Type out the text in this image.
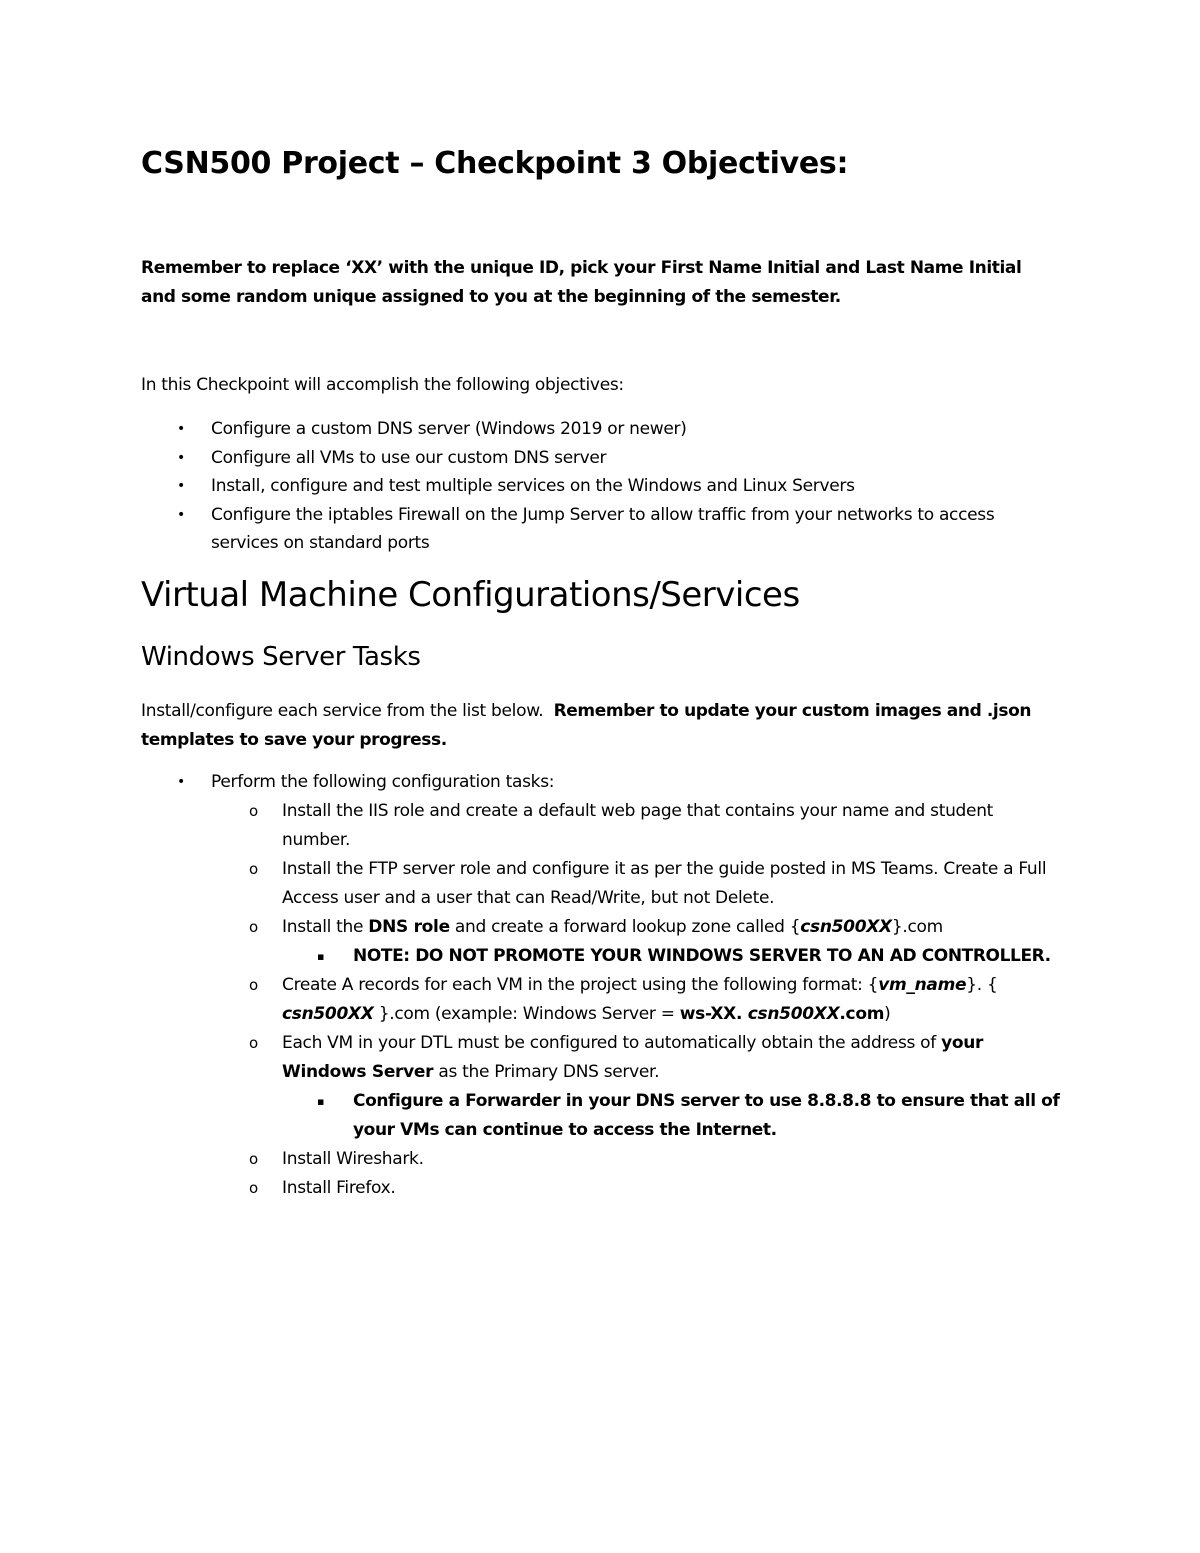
CSN500 Project – Checkpoint 3 Objectives:

Remember to replace ‘XX’ with the unique ID, pick your First Name Initial and Last Name Initial and some random unique assigned to you at the beginning of the semester.

In this Checkpoint will accomplish the following objectives:

• Configure a custom DNS server (Windows 2019 or newer)
• Configure all VMs to use our custom DNS server
• Install, configure and test multiple services on the Windows and Linux Servers
• Configure the iptables Firewall on the Jump Server to allow traffic from your networks to access services on standard ports
Virtual Machine Configurations/Services
Windows Server Tasks

Install/configure each service from the list below. Remember to update your custom images and .json templates to save your progress.

• Perform the following configuration tasks:
o Install the IIS role and create a default web page that contains your name and student number.
o Install the FTP server role and configure it as per the guide posted in MS Teams. Create a Full Access user and a user that can Read/Write, but not Delete.
o Install the DNS role and create a forward lookup zone called {csn500XX}.com
▪ NOTE: DO NOT PROMOTE YOUR WINDOWS SERVER TO AN AD CONTROLLER.
o Create A records for each VM in the project using the following format: {vm_name}. { csn500XX }.com (example: Windows Server = ws-XX. csn500XX.com)
o Each VM in your DTL must be configured to automatically obtain the address of your Windows Server as the Primary DNS server.
▪ Configure a Forwarder in your DNS server to use 8.8.8.8 to ensure that all of your VMs can continue to access the Internet.
o Install Wireshark.
o Install Firefox.
